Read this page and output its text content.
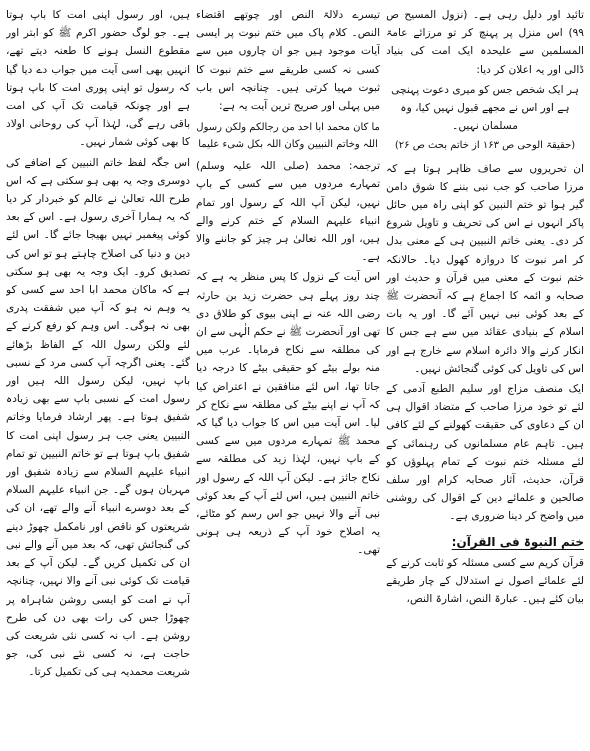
تائید اور دلیل رہی ہے۔ (نزول المسیح ص ۹۹) اس منزل پر پہنچ کر تو مرزائے عامۃ المسلمین سے علیحدہ ایک امت کی بنیاد ڈالی اور یہ اعلان کر دیا:

ہر ایک شخص جس کو میری دعوت پہنچی ہے اور اس نے مجھے قبول نہیں کیا، وہ مسلمان نہیں۔

(حقیقۃ الوحی ص ۱۶۳ از خاتم بحث ص ۲۶)

ان تحریروں سے صاف ظاہر ہوتا ہے کہ مرزا صاحب کو جب نبی بننے کا شوق دامن گیر ہوا تو ختم النبین کو اپنی راہ میں حائل پاکر انہوں نے اس کی تحریف و تاویل شروع کر دی۔ یعنی خاتم النبیین ہی کے معنی بدل کر امر نبوت کا دروازہ کھول دیا۔ حالانکہ ختم نبوت کے معنی میں قرآن و حدیث اور صحابہ و ائمہ کا اجماع ہے کہ آنحضرت ﷺ کے بعد کوئی نبی نہیں آئے گا۔ اور یہ بات اسلام کے بنیادی عقائد میں سے ہے جس کا انکار کرنے والا دائرہ اسلام سے خارج ہے اور اس کی تاویل کی کوئی گنجائش نہیں۔

ایک منصف مزاج اور سلیم الطبع آدمی کے لئے تو خود مرزا صاحب کے متضاد اقوال ہی ان کے دعاوی کی حقیقت کھولنے کے لئے کافی ہیں۔ تاہم عام مسلمانوں کی رہنمائی کے لئے مسئلہ ختم نبوت کے تمام پہلوؤں کو قرآن، حدیث، آثار صحابہ کرام اور سلف صالحین و علمائے دین کے اقوال کی روشنی میں واضح کر دینا ضروری ہے۔

ختم النبوۃ فی القرآن:

قرآن کریم سے کسی مسئلہ کو ثابت کرنے کے لئے علمائے اصول نے استدلال کے چار طریقے بیان کئے ہیں۔ عبارۃ النص، اشارۃ النص،

تیسرے دلالۃ النص اور چوتھے اقتضاء النص۔ کلام پاک میں ختم نبوت پر ایسی آیات موجود ہیں جو ان چاروں میں سے کسی نہ کسی طریقے سے ختم نبوت کا ثبوت مہیا کرتی ہیں۔ چنانچہ اس باب میں پہلی اور صریح ترین آیت یہ ہے:

ما کان محمد ابا احد من رجالکم ولکن رسول اللہ وخاتم النبیین وکان اللہ بکل شیء علیما

ترجمہ: محمد (صلی اللہ علیہ وسلم) تمہارے مردوں میں سے کسی کے باپ نہیں، لیکن آپ اللہ کے رسول اور تمام انبیاء علیہم السلام کے ختم کرنے والے ہیں، اور اللہ تعالیٰ ہر چیز کو جاننے والا ہے۔

اس آیت کے نزول کا پس منظر یہ ہے کہ چند روز پہلے ہی حضرت زید بن حارثہ رضی اللہ عنہ نے اپنی بیوی کو طلاق دی تھی اور آنحضرت ﷺ نے حکم الٰہی سے ان کی مطلقہ سے نکاح فرمایا۔ عرب میں منہ بولے بیٹے کو حقیقی بیٹے کا درجہ دیا جاتا تھا، اس لئے منافقین نے اعتراض کیا کہ آپ نے اپنے بیٹے کی مطلقہ سے نکاح کر لیا۔ اس آیت میں اس کا جواب دیا گیا کہ محمد ﷺ تمہارے مردوں میں سے کسی کے باپ نہیں، لہٰذا زید کی مطلقہ سے نکاح جائز ہے۔ لیکن آپ اللہ کے رسول اور خاتم النبیین ہیں، اس لئے آپ کے بعد کوئی نبی آنے والا نہیں جو اس رسم کو مٹائے، یہ اصلاح خود آپ کے ذریعہ ہی ہونی تھی۔

ہیں، اور رسول اپنی امت کا باپ ہوتا ہے۔ جو لوگ حضور اکرم ﷺ کو ابتر اور مقطوع النسل ہونے کا طعنہ دیتے تھے، انہیں بھی اسی آیت میں جواب دے دیا گیا کہ رسول تو اپنی پوری امت کا باپ ہوتا ہے اور چونکہ قیامت تک آپ کی امت باقی رہے گی، لہٰذا آپ کی روحانی اولاد کا بھی کوئی شمار نہیں۔

اس جگہ لفظ خاتم النبیین کے اضافے کی دوسری وجہ یہ بھی ہو سکتی ہے کہ اس طرح اللہ تعالیٰ نے عالم کو خبردار کر دیا کہ یہ ہمارا آخری رسول ہے۔ اس کے بعد کوئی پیغمبر نہیں بھیجا جائے گا۔ اس لئے دین و دنیا کی اصلاح چاہتے ہو تو اس کی تصدیق کرو۔ ایک وجہ یہ بھی ہو سکتی ہے کہ ماکان محمد ابا احد سے کسی کو یہ وہم نہ ہو کہ آپ میں شفقت پدری بھی نہ ہوگی۔ اس وہم کو رفع کرنے کے لئے ولکن رسول اللہ کے الفاظ بڑھائے گئے۔ یعنی اگرچہ آپ کسی مرد کے نسبی باپ نہیں، لیکن رسول اللہ ہیں اور رسول امت کے نسبی باپ سے بھی زیادہ شفیق ہوتا ہے۔ پھر ارشاد فرمایا وخاتم النبیین یعنی جب ہر رسول اپنی امت کا شفیق باپ ہوتا ہے تو خاتم النبیین تو تمام انبیاء علیہم السلام سے زیادہ شفیق اور مہربان ہوں گے۔ جن انبیاء علیہم السلام کے بعد دوسرے انبیاء آنے والے تھے، ان کی شریعتوں کو ناقص اور نامکمل چھوڑ دینے کی گنجائش تھی، کہ بعد میں آنے والے نبی ان کی تکمیل کریں گے۔ لیکن آپ کے بعد قیامت تک کوئی نبی آنے والا نہیں، چنانچہ آپ نے امت کو ایسی روشن شاہراہ پر چھوڑا جس کی رات بھی دن کی طرح روشن ہے۔ اب نہ کسی نئی شریعت کی حاجت ہے، نہ کسی نئے نبی کی، جو شریعت محمدیہ ہی کی تکمیل کرتا۔
